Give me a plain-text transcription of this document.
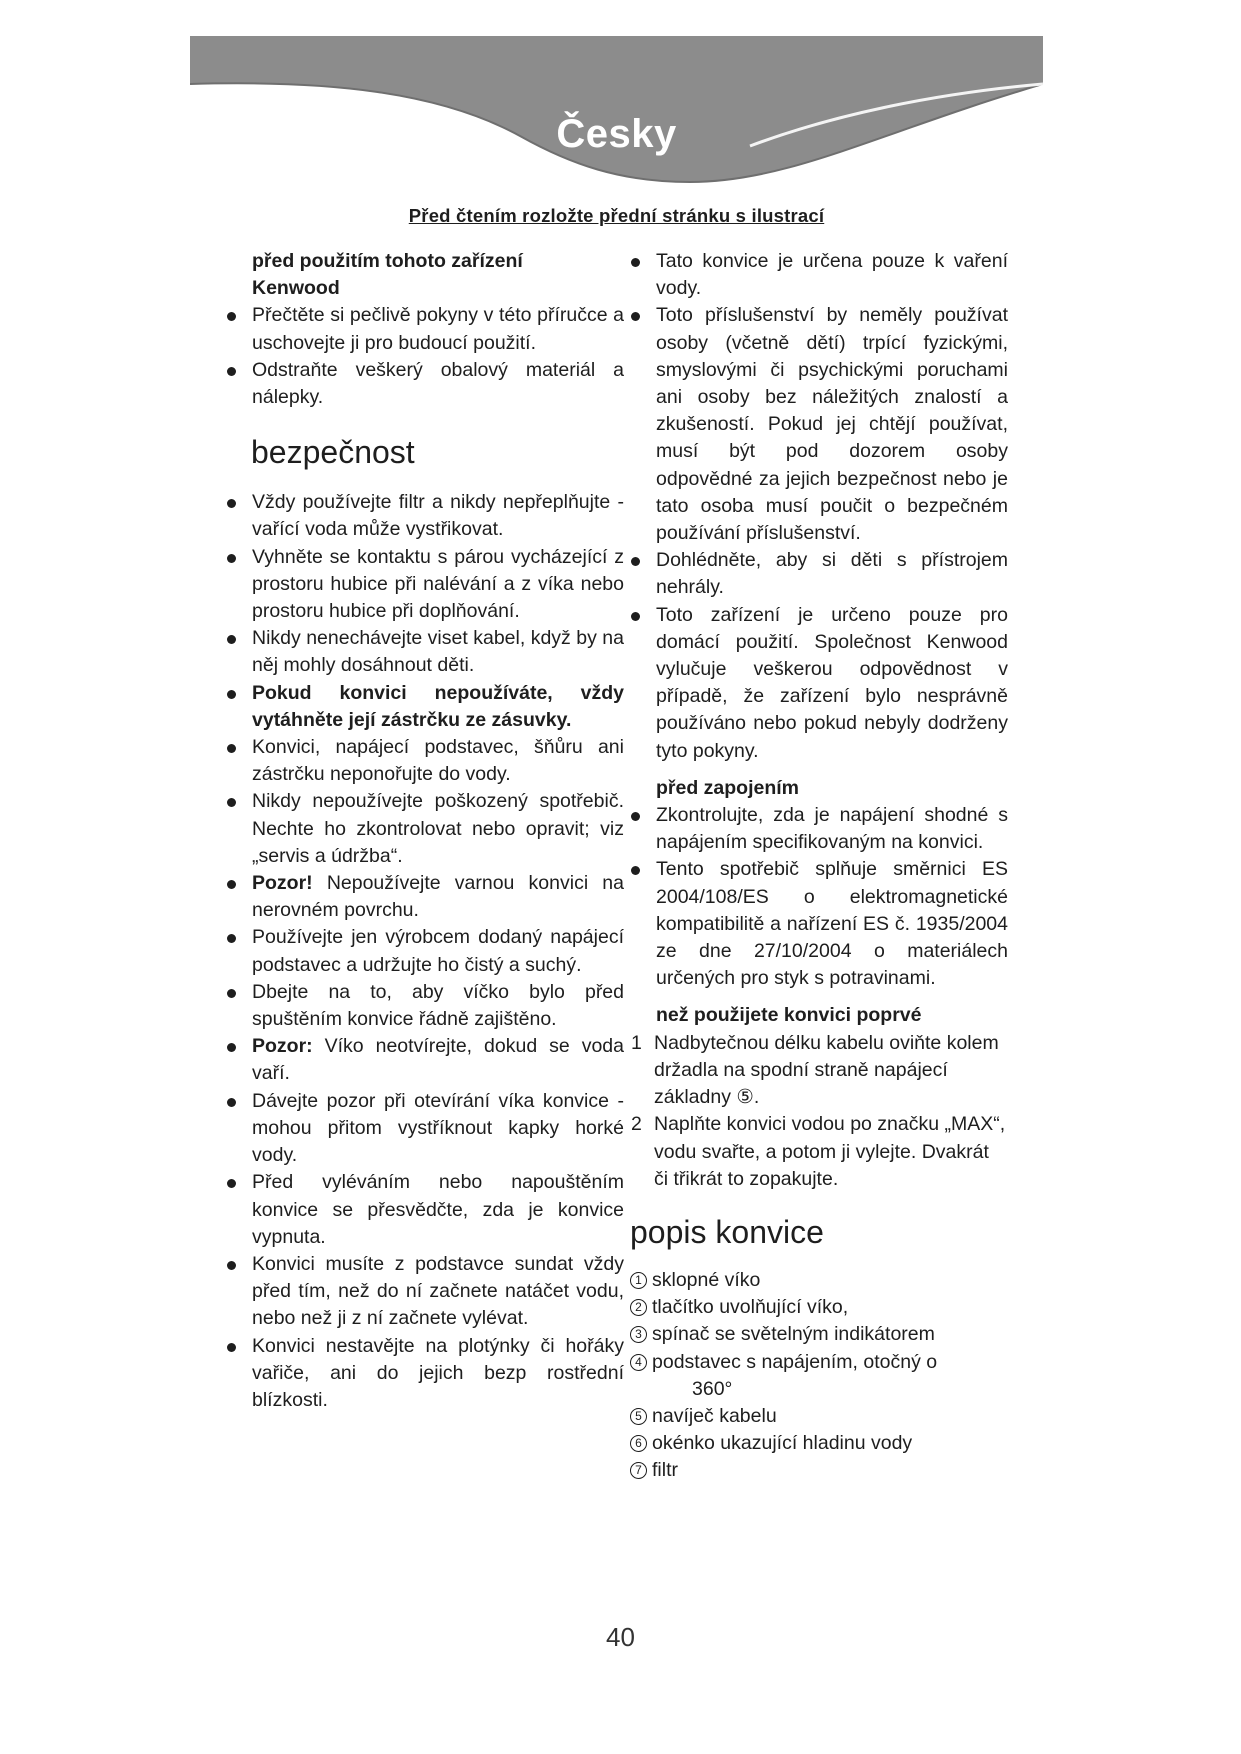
Česky
Před čtením rozložte přední stránku s ilustrací
před použitím tohoto zařízení
Kenwood
Přečtěte si pečlivě pokyny v této příručce a uschovejte ji pro budoucí použití.
Odstraňte veškerý obalový materiál a nálepky.
bezpečnost
Vždy používejte filtr a nikdy nepřeplňujte - vařící voda může vystřikovat.
Vyhněte se kontaktu s párou vycházející z prostoru hubice při nalévání a z víka nebo prostoru hubice při doplňování.
Nikdy nenechávejte viset kabel, když by na něj mohly dosáhnout děti.
Pokud konvici nepoužíváte, vždy vytáhněte její zástrčku ze zásuvky.
Konvici, napájecí podstavec, šňůru ani zástrčku neponořujte do vody.
Nikdy nepoužívejte poškozený spotřebič. Nechte ho zkontrolovat nebo opravit; viz „servis a údržba“.
Pozor! Nepoužívejte varnou konvici na nerovném povrchu.
Používejte jen výrobcem dodaný napájecí podstavec a udržujte ho čistý a suchý.
Dbejte na to, aby víčko bylo před spuštěním konvice řádně zajištěno.
Pozor: Víko neotvírejte, dokud se voda vaří.
Dávejte pozor při otevírání víka konvice - mohou přitom vystříknout kapky horké vody.
Před vyléváním nebo napouštěním konvice se přesvědčte, zda je konvice vypnuta.
Konvici musíte z podstavce sundat vždy před tím, než do ní začnete natáčet vodu, nebo než ji z ní začnete vylévat.
Konvici nestavějte na plotýnky či hořáky vařiče, ani do jejich bezp rostřední blízkosti.
Tato konvice je určena pouze k vaření vody.
Toto příslušenství by neměly používat osoby (včetně dětí) trpící fyzickými, smyslovými či psychickými poruchami ani osoby bez náležitých znalostí a zkušeností. Pokud jej chtějí používat, musí být pod dozorem osoby odpovědné za jejich bezpečnost nebo je tato osoba musí poučit o bezpečném používání příslušenství.
Dohlédněte, aby si děti s přístrojem nehrály.
Toto zařízení je určeno pouze pro domácí použití. Společnost Kenwood vylučuje veškerou odpovědnost v případě, že zařízení bylo nesprávně používáno nebo pokud nebyly dodrženy tyto pokyny.
před zapojením
Zkontrolujte, zda je napájení shodné s napájením specifikovaným na konvici.
Tento spotřebič splňuje směrnici ES 2004/108/ES o elektromagnetické kompatibilitě a nařízení ES č. 1935/2004 ze dne 27/10/2004 o materiálech určených pro styk s potravinami.
než použijete konvici poprvé
1 Nadbytečnou délku kabelu oviňte kolem držadla na spodní straně napájecí základny ⑤.
2 Naplňte konvici vodou po značku „MAX“, vodu svařte, a potom ji vylejte. Dvakrát či třikrát to zopakujte.
popis konvice
1 sklopné víko
2 tlačítko uvolňující víko,
3 spínač se světelným indikátorem
4 podstavec s napájením, otočný o
360°
5 navíječ kabelu
6 okénko ukazující hladinu vody
7 filtr
40
